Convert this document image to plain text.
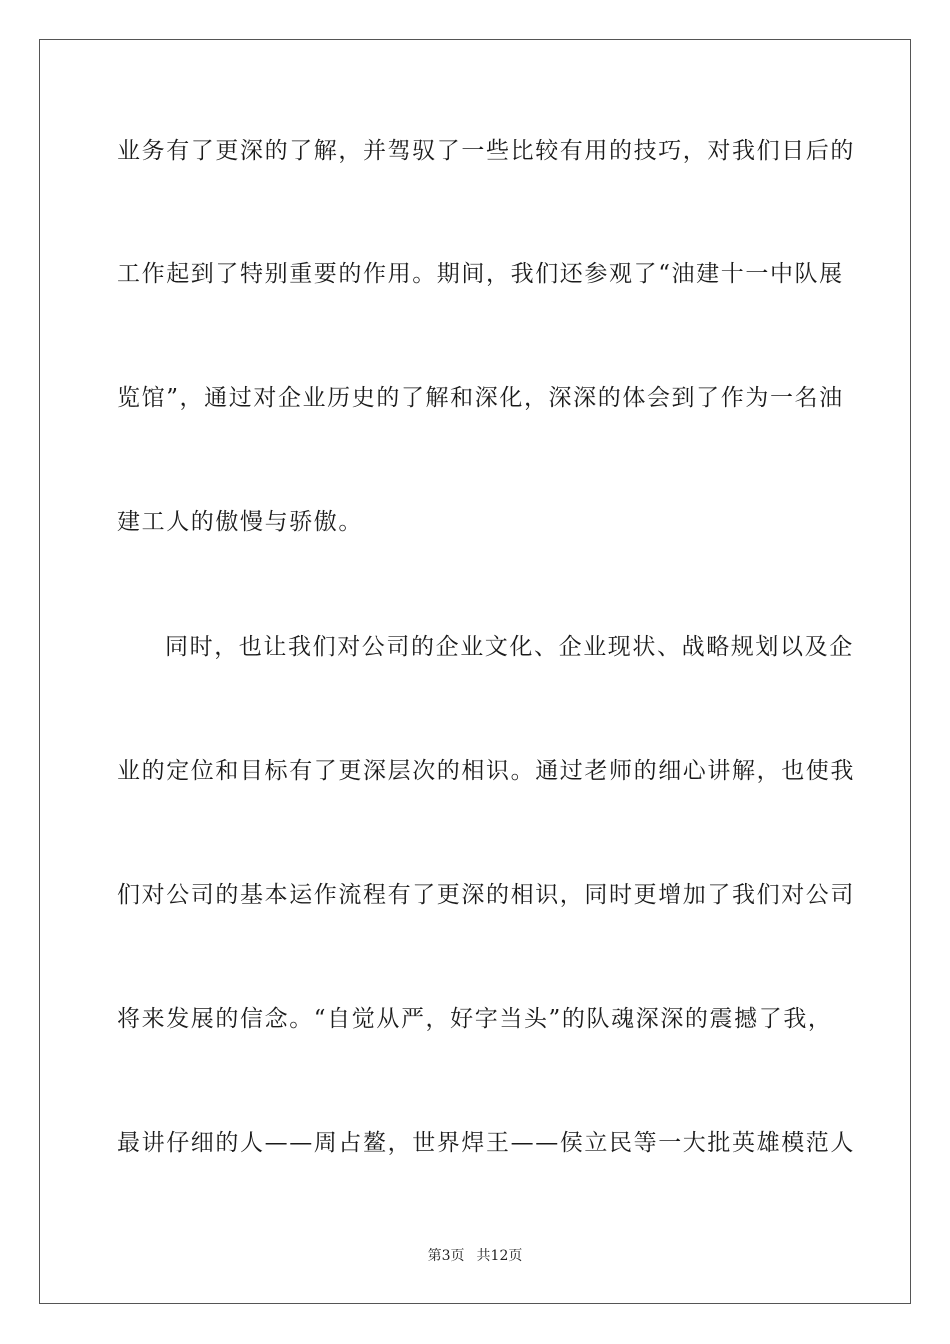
业务有了更深的了解，并驾驭了一些比较有用的技巧，对我们日后的
工作起到了特别重要的作用。期间，我们还参观了“油建十一中队展
览馆”，通过对企业历史的了解和深化，深深的体会到了作为一名油
建工人的傲慢与骄傲。
同时，也让我们对公司的企业文化、企业现状、战略规划以及企
业的定位和目标有了更深层次的相识。通过老师的细心讲解，也使我
们对公司的基本运作流程有了更深的相识，同时更增加了我们对公司
将来发展的信念。“自觉从严，好字当头”的队魂深深的震撼了我，
最讲仔细的人——周占鳌，世界焊王——侯立民等一大批英雄模范人
第3页 共12页
